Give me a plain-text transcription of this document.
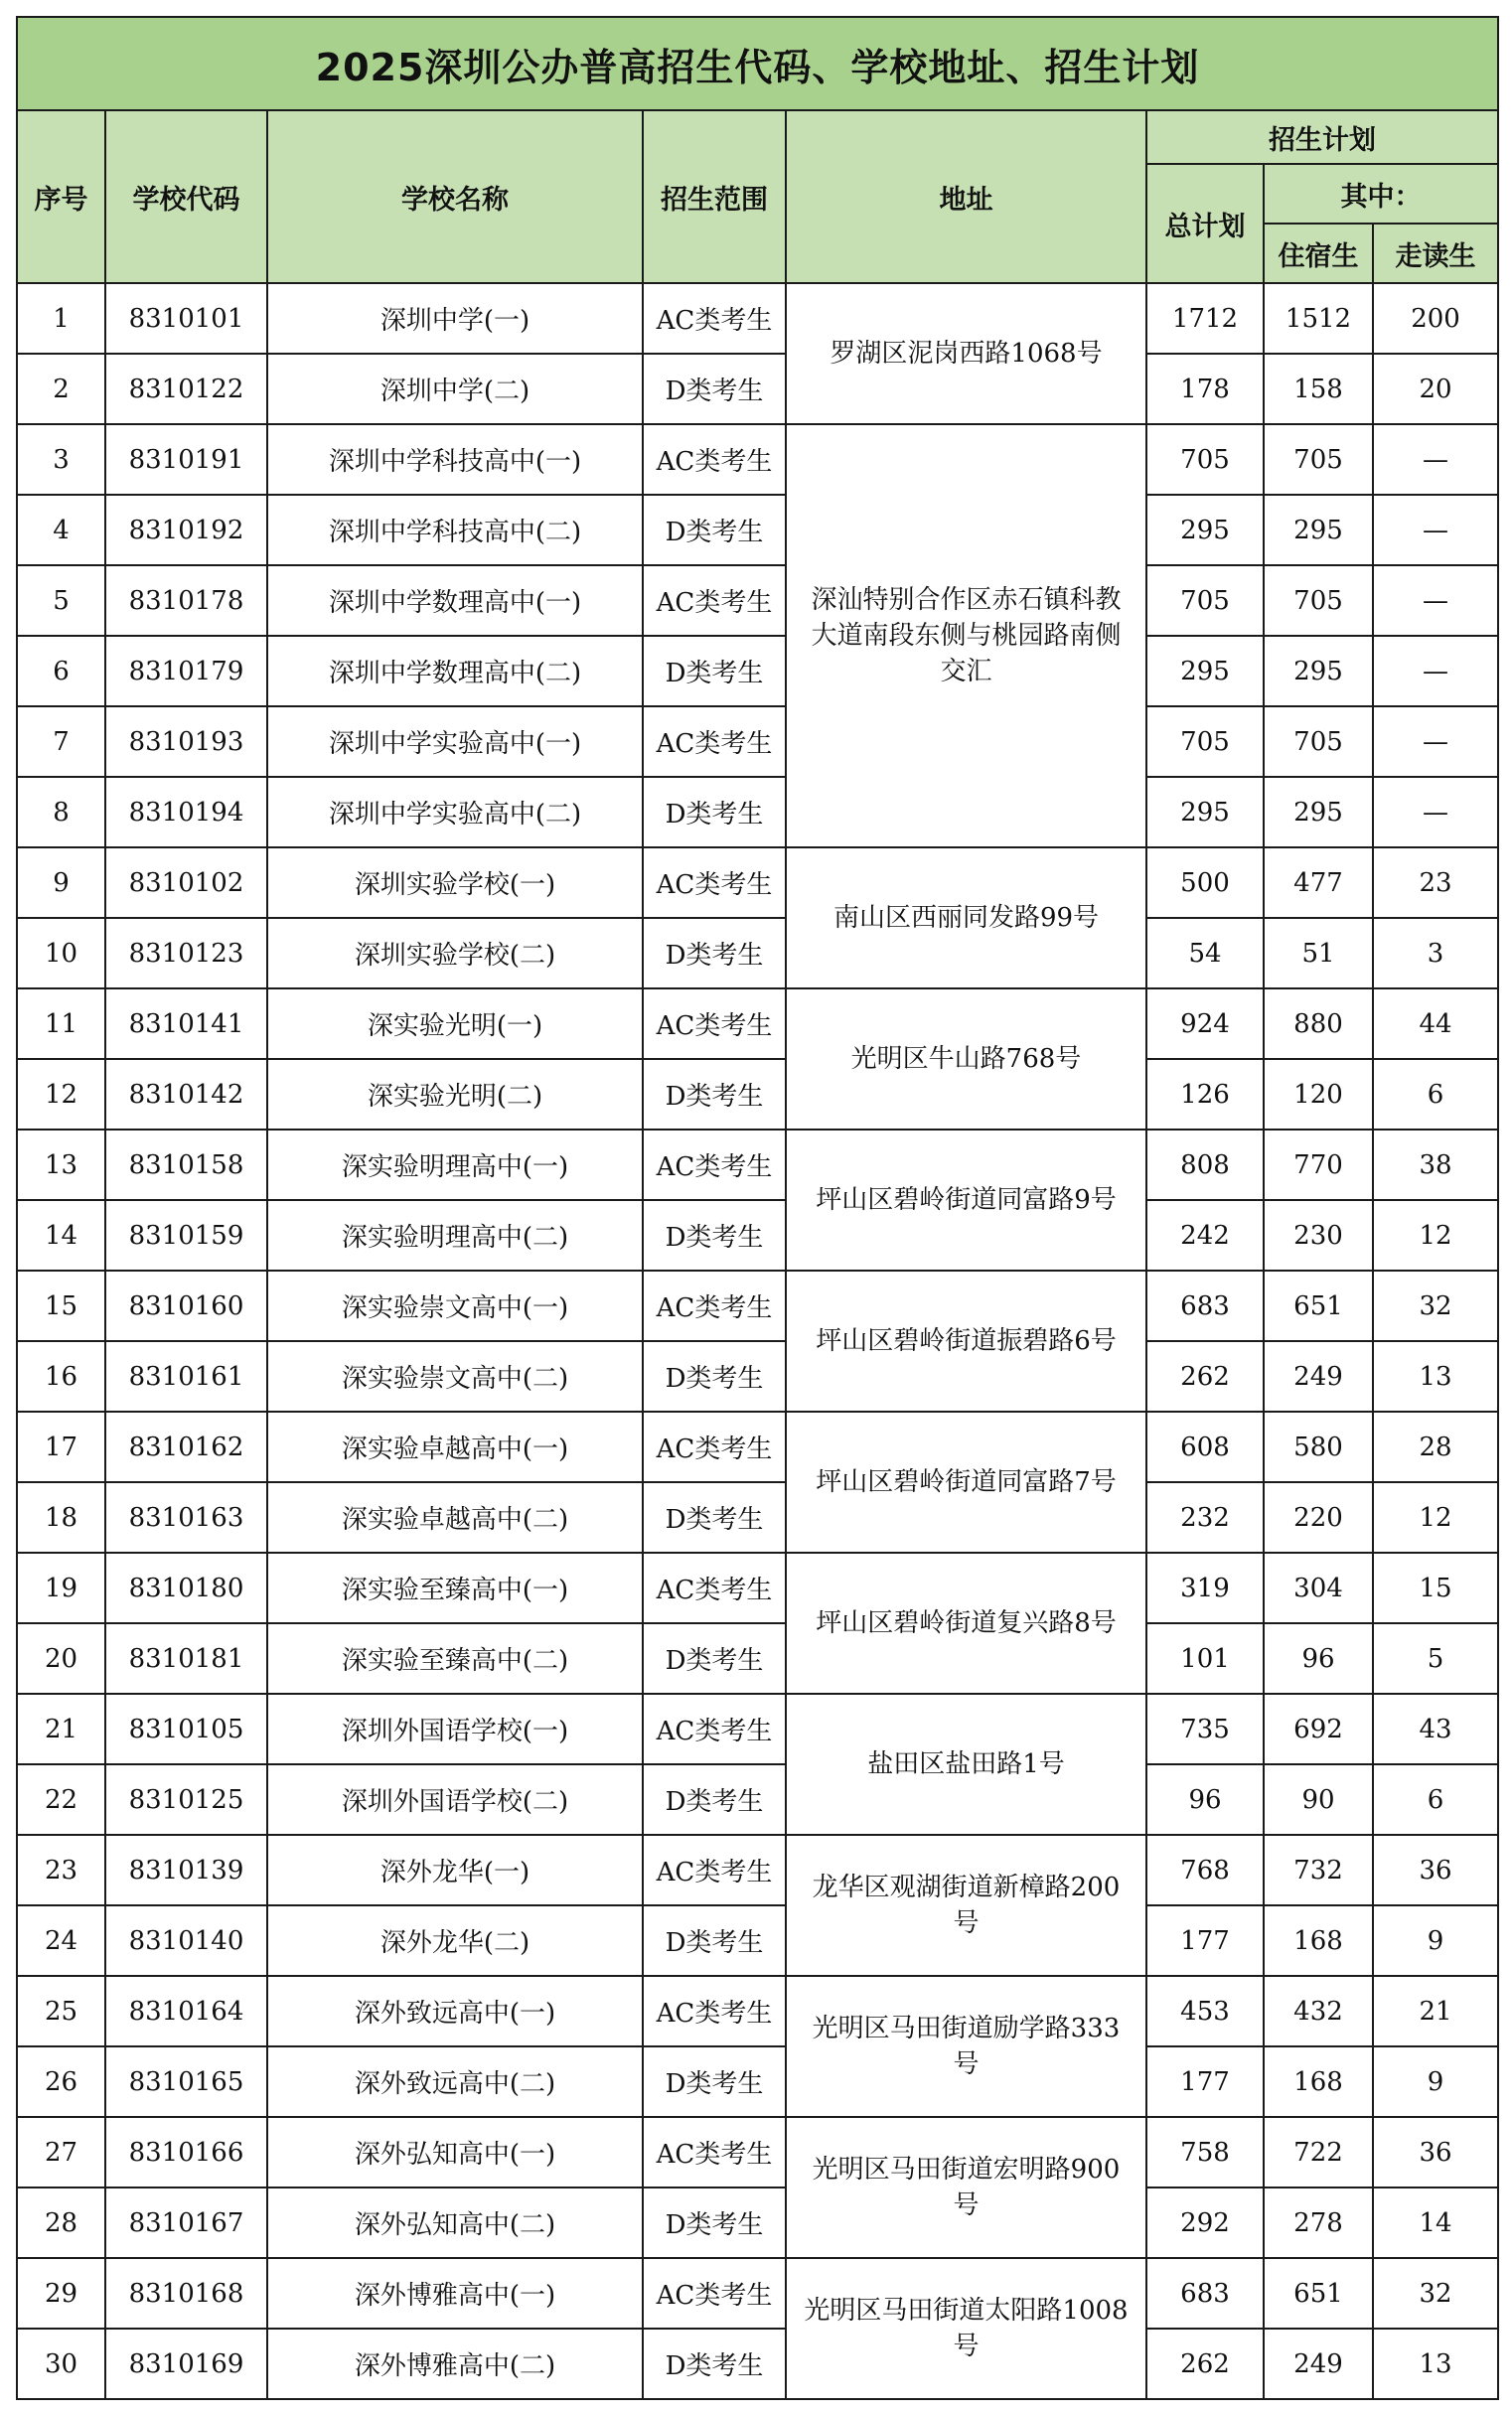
2025深圳公办普高招生代码、学校地址、招生计划							
序号	学校代码	学校名称	招生范围	地址	招生计划		
					总计划	其中：	
						住宿生	走读生
1	8310101	深圳中学(一)	AC类考生	罗湖区泥岗西路1068号	1712	1512	200
2	8310122	深圳中学(二)	D类考生		178	158	20
3	8310191	深圳中学科技高中(一)	AC类考生	深汕特别合作区赤石镇科教大道南段东侧与桃园路南侧交汇	705	705	—
4	8310192	深圳中学科技高中(二)	D类考生		295	295	—
5	8310178	深圳中学数理高中(一)	AC类考生		705	705	—
6	8310179	深圳中学数理高中(二)	D类考生		295	295	—
7	8310193	深圳中学实验高中(一)	AC类考生		705	705	—
8	8310194	深圳中学实验高中(二)	D类考生		295	295	—
9	8310102	深圳实验学校(一)	AC类考生	南山区西丽同发路99号	500	477	23
10	8310123	深圳实验学校(二)	D类考生		54	51	3
11	8310141	深实验光明(一)	AC类考生	光明区牛山路768号	924	880	44
12	8310142	深实验光明(二)	D类考生		126	120	6
13	8310158	深实验明理高中(一)	AC类考生	坪山区碧岭街道同富路9号	808	770	38
14	8310159	深实验明理高中(二)	D类考生		242	230	12
15	8310160	深实验崇文高中(一)	AC类考生	坪山区碧岭街道振碧路6号	683	651	32
16	8310161	深实验崇文高中(二)	D类考生		262	249	13
17	8310162	深实验卓越高中(一)	AC类考生	坪山区碧岭街道同富路7号	608	580	28
18	8310163	深实验卓越高中(二)	D类考生		232	220	12
19	8310180	深实验至臻高中(一)	AC类考生	坪山区碧岭街道复兴路8号	319	304	15
20	8310181	深实验至臻高中(二)	D类考生		101	96	5
21	8310105	深圳外国语学校(一)	AC类考生	盐田区盐田路1号	735	692	43
22	8310125	深圳外国语学校(二)	D类考生		96	90	6
23	8310139	深外龙华(一)	AC类考生	龙华区观湖街道新樟路200号	768	732	36
24	8310140	深外龙华(二)	D类考生		177	168	9
25	8310164	深外致远高中(一)	AC类考生	光明区马田街道励学路333号	453	432	21
26	8310165	深外致远高中(二)	D类考生		177	168	9
27	8310166	深外弘知高中(一)	AC类考生	光明区马田街道宏明路900号	758	722	36
28	8310167	深外弘知高中(二)	D类考生		292	278	14
29	8310168	深外博雅高中(一)	AC类考生	光明区马田街道太阳路1008号	683	651	32
30	8310169	深外博雅高中(二)	D类考生		262	249	13
